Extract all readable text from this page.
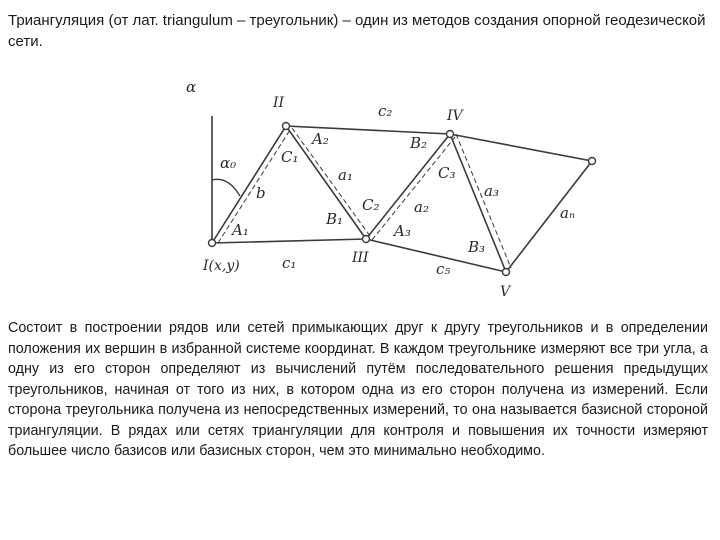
Триангуляция (от лат. triangulum – треугольник) – один из методов создания опорной геодезической сети.

α
II
IV
III
V
I(x,y)
c₂
A₂	B₂
α₀	C₁
C₃
a₁
a₃
b
C₂ a₂	aₙ
B₁
A₁	A₃
B₃
c₁	c₅

Состоит в построении рядов или сетей примыкающих друг к другу треугольников и в определении положения их вершин в избранной системе координат. В каждом треугольнике измеряют все три угла, а одну из его сторон определяют из вычислений путём последовательного решения предыдущих треугольников, начиная от того из них, в котором одна из его сторон получена из измерений. Если сторона треугольника получена из непосредственных измерений, то она называется базисной стороной триангуляции. В рядах или сетях триангуляции для контроля и повышения их точности измеряют большее число базисов или базисных сторон, чем это минимально необходимо.
